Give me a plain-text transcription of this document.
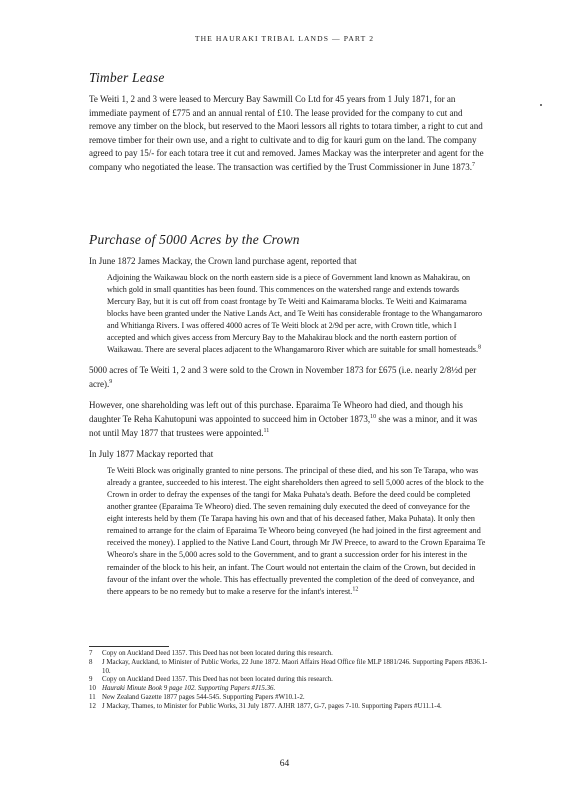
THE HAURAKI TRIBAL LANDS — PART 2
Timber Lease

Te Weiti 1, 2 and 3 were leased to Mercury Bay Sawmill Co Ltd for 45 years from 1 July 1871, for an immediate payment of £775 and an annual rental of £10. The lease provided for the company to cut and remove any timber on the block, but reserved to the Maori lessors all rights to totara timber, a right to cut and remove timber for their own use, and a right to cultivate and to dig for kauri gum on the land. The company agreed to pay 15/- for each totara tree it cut and removed. James Mackay was the interpreter and agent for the company who negotiated the lease. The transaction was certified by the Trust Commissioner in June 1873.$^7$

Purchase of 5000 Acres by the Crown

In June 1872 James Mackay, the Crown land purchase agent, reported that

Adjoining the Waikawau block on the north eastern side is a piece of Government land known as Mahakirau, on which gold in small quantities has been found. This commences on the watershed range and extends towards Mercury Bay, but it is cut off from coast frontage by Te Weiti and Kaimarama blocks. Te Weiti and Kaimarama blocks have been granted under the Native Lands Act, and Te Weiti has considerable frontage to the Whangamaroro and Whitianga Rivers. I was offered 4000 acres of Te Weiti block at 2/9d per acre, with Crown title, which I accepted and which gives access from Mercury Bay to the Mahakirau block and the north eastern portion of Waikawau. There are several places adjacent to the Whangamaroro River which are suitable for small homesteads.$^8$

5000 acres of Te Weiti 1, 2 and 3 were sold to the Crown in November 1873 for £675 (i.e. nearly 2/8½d per acre).$^9$

However, one shareholding was left out of this purchase. Eparaima Te Wheoro had died, and though his daughter Te Reha Kahutopuni was appointed to succeed him in October 1873,10 she was a minor, and it was not until May 1877 that trustees were appointed.$^{11}$

In July 1877 Mackay reported that

Te Weiti Block was originally granted to nine persons. The principal of these died, and his son Te Tarapa, who was already a grantee, succeeded to his interest. The eight shareholders then agreed to sell 5,000 acres of the block to the Crown in order to defray the expenses of the tangi for Maka Puhata's death. Before the deed could be completed another grantee (Eparaima Te Wheoro) died. The seven remaining duly executed the deed of conveyance for the eight interests held by them (Te Tarapa having his own and that of his deceased father, Maka Puhata). It only then remained to arrange for the claim of Eparaima Te Wheoro being conveyed (he had joined in the first agreement and received the money). I applied to the Native Land Court, through Mr JW Preece, to award to the Crown Eparaima Te Wheoro's share in the 5,000 acres sold to the Government, and to grant a succession order for his interest in the remainder of the block to his heir, an infant. The Court would not entertain the claim of the Crown, but decided in favour of the infant over the whole. This has effectually prevented the completion of the deed of conveyance, and there appears to be no remedy but to make a reserve for the infant's interest.$^{12}$

7	Copy on Auckland Deed 1357. This Deed has not been located during this research.
8	J Mackay, Auckland, to Minister of Public Works, 22 June 1872. Maori Affairs Head Office file MLP 1881/246. Supporting Papers #B36.1-10.
9	Copy on Auckland Deed 1357. This Deed has not been located during this research.
10 Hauraki Minute Book 9 page 102. Supporting Papers #J15.36.
11 New Zealand Gazette 1877 pages 544-545. Supporting Papers #W10.1-2.
12 J Mackay, Thames, to Minister for Public Works, 31 July 1877. AJHR 1877, G-7, pages 7-10. Supporting Papers #U11.1-4.
64
